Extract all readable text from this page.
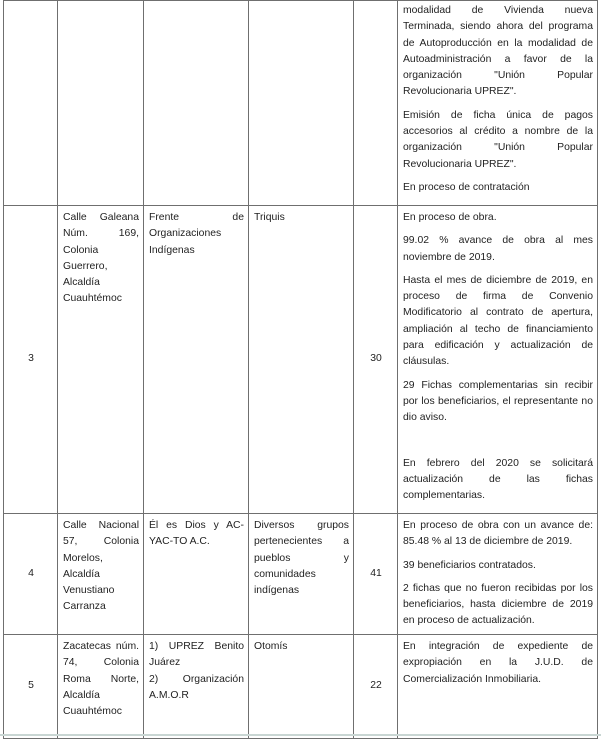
					modalidad de Vivienda nueva Terminada, siendo ahora del programa de Autoproducción en la modalidad de Autoadministración a favor de la organización "Unión Popular Revolucionaria UPREZ".

Emisión de ficha única de pagos accesorios al crédito a nombre de la organización "Unión Popular Revolucionaria UPREZ".

En proceso de contratación

3	Calle Galeana Núm. 169, Colonia Guerrero, Alcaldía Cuauhtémoc	Frente de Organizaciones Indígenas	Triquis	30	En proceso de obra.

99.02 % avance de obra al mes noviembre de 2019.

Hasta el mes de diciembre de 2019, en proceso de firma de Convenio Modificatorio al contrato de apertura, ampliación al techo de financiamiento para edificación y actualización de cláusulas.

29 Fichas complementarias sin recibir por los beneficiarios, el representante no dio aviso.

En febrero del 2020 se solicitará actualización de las fichas complementarias.

4	Calle Nacional 57, Colonia Morelos, Alcaldía Venustiano Carranza	Él es Dios y AC-YAC-TO A.C.	Diversos grupos pertenecientes a pueblos y comunidades indígenas	41	En proceso de obra con un avance de: 85.48 % al 13 de diciembre de 2019.

39 beneficiarios contratados.

2 fichas que no fueron recibidas por los beneficiarios, hasta diciembre de 2019 en proceso de actualización.

5	Zacatecas núm. 74, Colonia Roma Norte, Alcaldía Cuauhtémoc	1) UPREZ Benito Juárez
2) Organización A.M.O.R	Otomís	22	En integración de expediente de expropiación en la J.U.D. de Comercialización Inmobiliaria.
